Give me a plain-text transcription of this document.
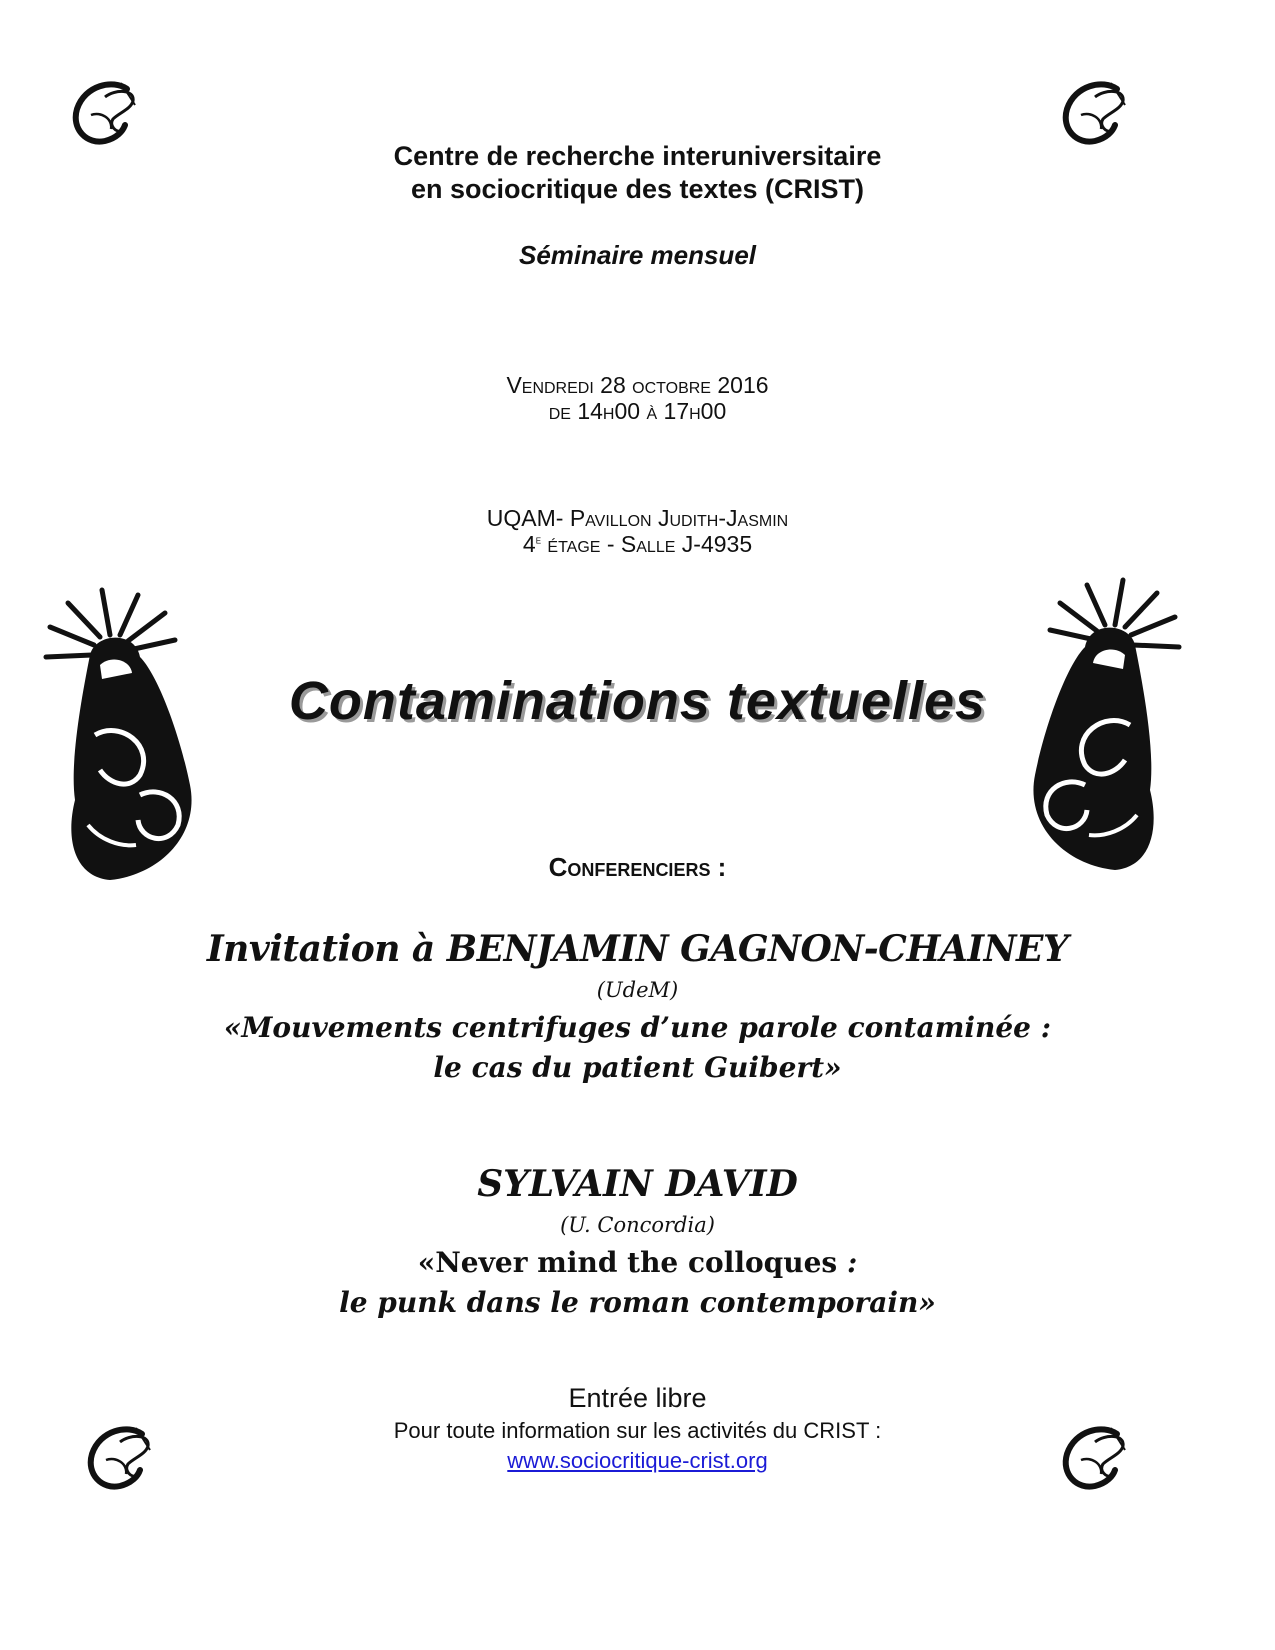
Centre de recherche interuniversitaire
en sociocritique des textes (CRIST)
Séminaire mensuel
Vendredi 28 octobre 2016
de 14h00 à 17h00
UQAM- Pavillon Judith-Jasmin
4e étage - Salle J-4935
Contaminations textuelles
Conferenciers :
Invitation à BENJAMIN GAGNON-CHAINEY
(UdeM)
«Mouvements centrifuges d’une parole contaminée :
le cas du patient Guibert»
SYLVAIN DAVID
(U. Concordia)
«Never mind the colloques :
le punk dans le roman contemporain»
Entrée libre
Pour toute information sur les activités du CRIST :
www.sociocritique-crist.org
